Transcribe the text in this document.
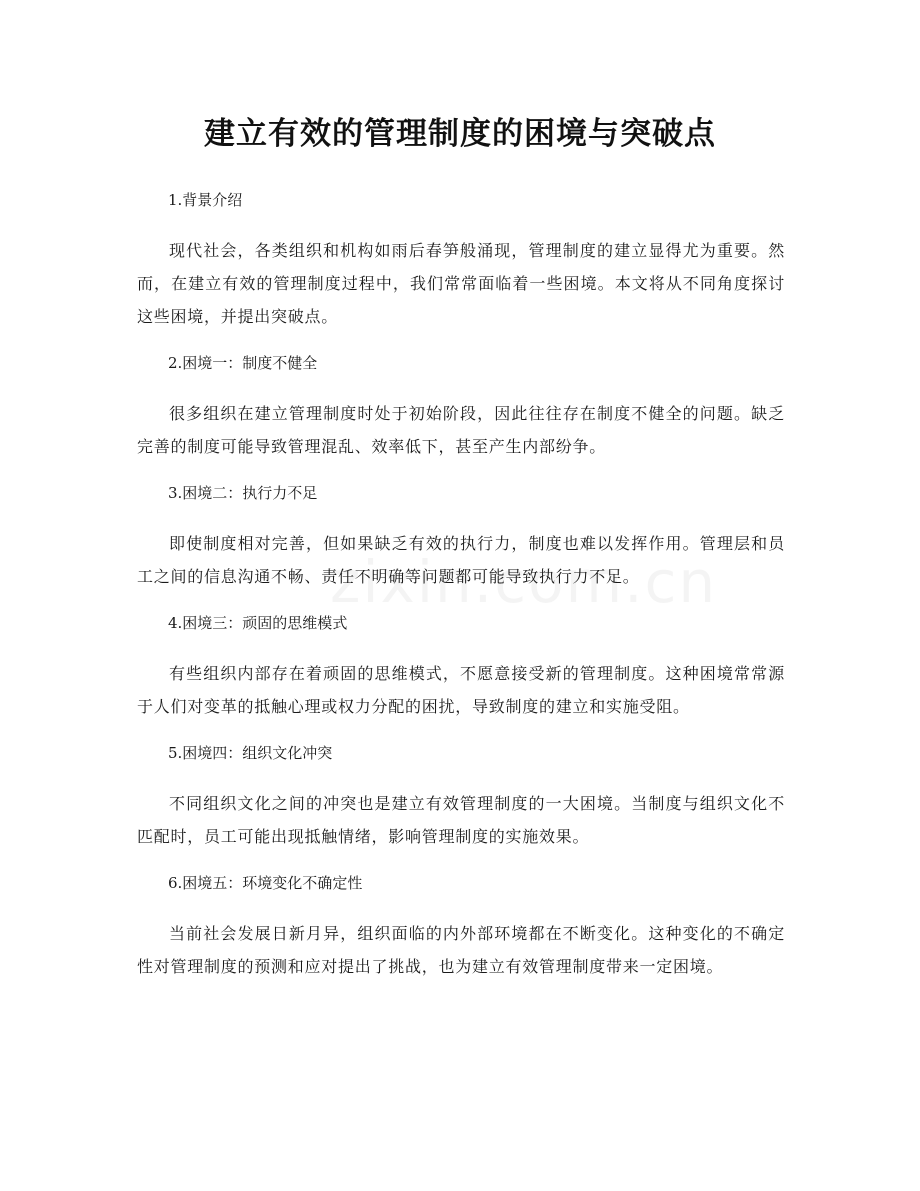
建立有效的管理制度的困境与突破点
1.背景介绍

现代社会，各类组织和机构如雨后春笋般涌现，管理制度的建立显得尤为重要。然而，在建立有效的管理制度过程中，我们常常面临着一些困境。本文将从不同角度探讨这些困境，并提出突破点。

2.困境一：制度不健全

很多组织在建立管理制度时处于初始阶段，因此往往存在制度不健全的问题。缺乏完善的制度可能导致管理混乱、效率低下，甚至产生内部纷争。

3.困境二：执行力不足

即使制度相对完善，但如果缺乏有效的执行力，制度也难以发挥作用。管理层和员工之间的信息沟通不畅、责任不明确等问题都可能导致执行力不足。

4.困境三：顽固的思维模式

有些组织内部存在着顽固的思维模式，不愿意接受新的管理制度。这种困境常常源于人们对变革的抵触心理或权力分配的困扰，导致制度的建立和实施受阻。

5.困境四：组织文化冲突

不同组织文化之间的冲突也是建立有效管理制度的一大困境。当制度与组织文化不匹配时，员工可能出现抵触情绪，影响管理制度的实施效果。

6.困境五：环境变化不确定性

当前社会发展日新月异，组织面临的内外部环境都在不断变化。这种变化的不确定性对管理制度的预测和应对提出了挑战，也为建立有效管理制度带来一定困境。
